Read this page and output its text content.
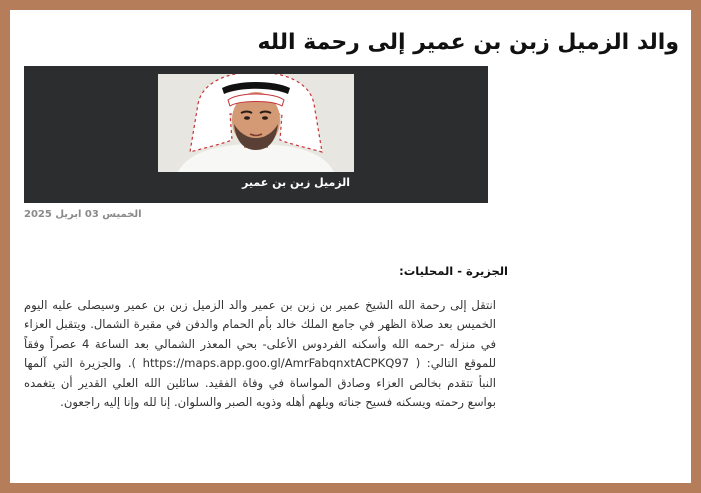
والد الزميل زبن بن عمير إلى رحمة الله
الزميل زبن بن عمير
الخميس 03 ابريل 2025
الجزيرة - المحليات:

انتقل إلى رحمة الله الشيخ عمير بن زبن بن عمير والد الزميل زبن بن عمير وسيصلى عليه اليوم الخميس بعد صلاة الظهر في جامع الملك خالد بأم الحمام والدفن في مقبرة الشمال. ويتقبل العزاء في منزله -رحمه الله وأسكنه الفردوس الأعلى- بحي المعذر الشمالي بعد الساعة 4 عصراً وفقاً للموقع التالي: ( https://maps.app.goo.gl/AmrFabqnxtACPKQ97 ). والجزيرة التي آلمها النبأ تتقدم بخالص العزاء وصادق المواساة في وفاة الفقيد. سائلين الله العلي القدير أن يتغمده بواسع رحمته ويسكنه فسيح جناته ويلهم أهله وذويه الصبر والسلوان. إنا لله وإنا إليه راجعون.
